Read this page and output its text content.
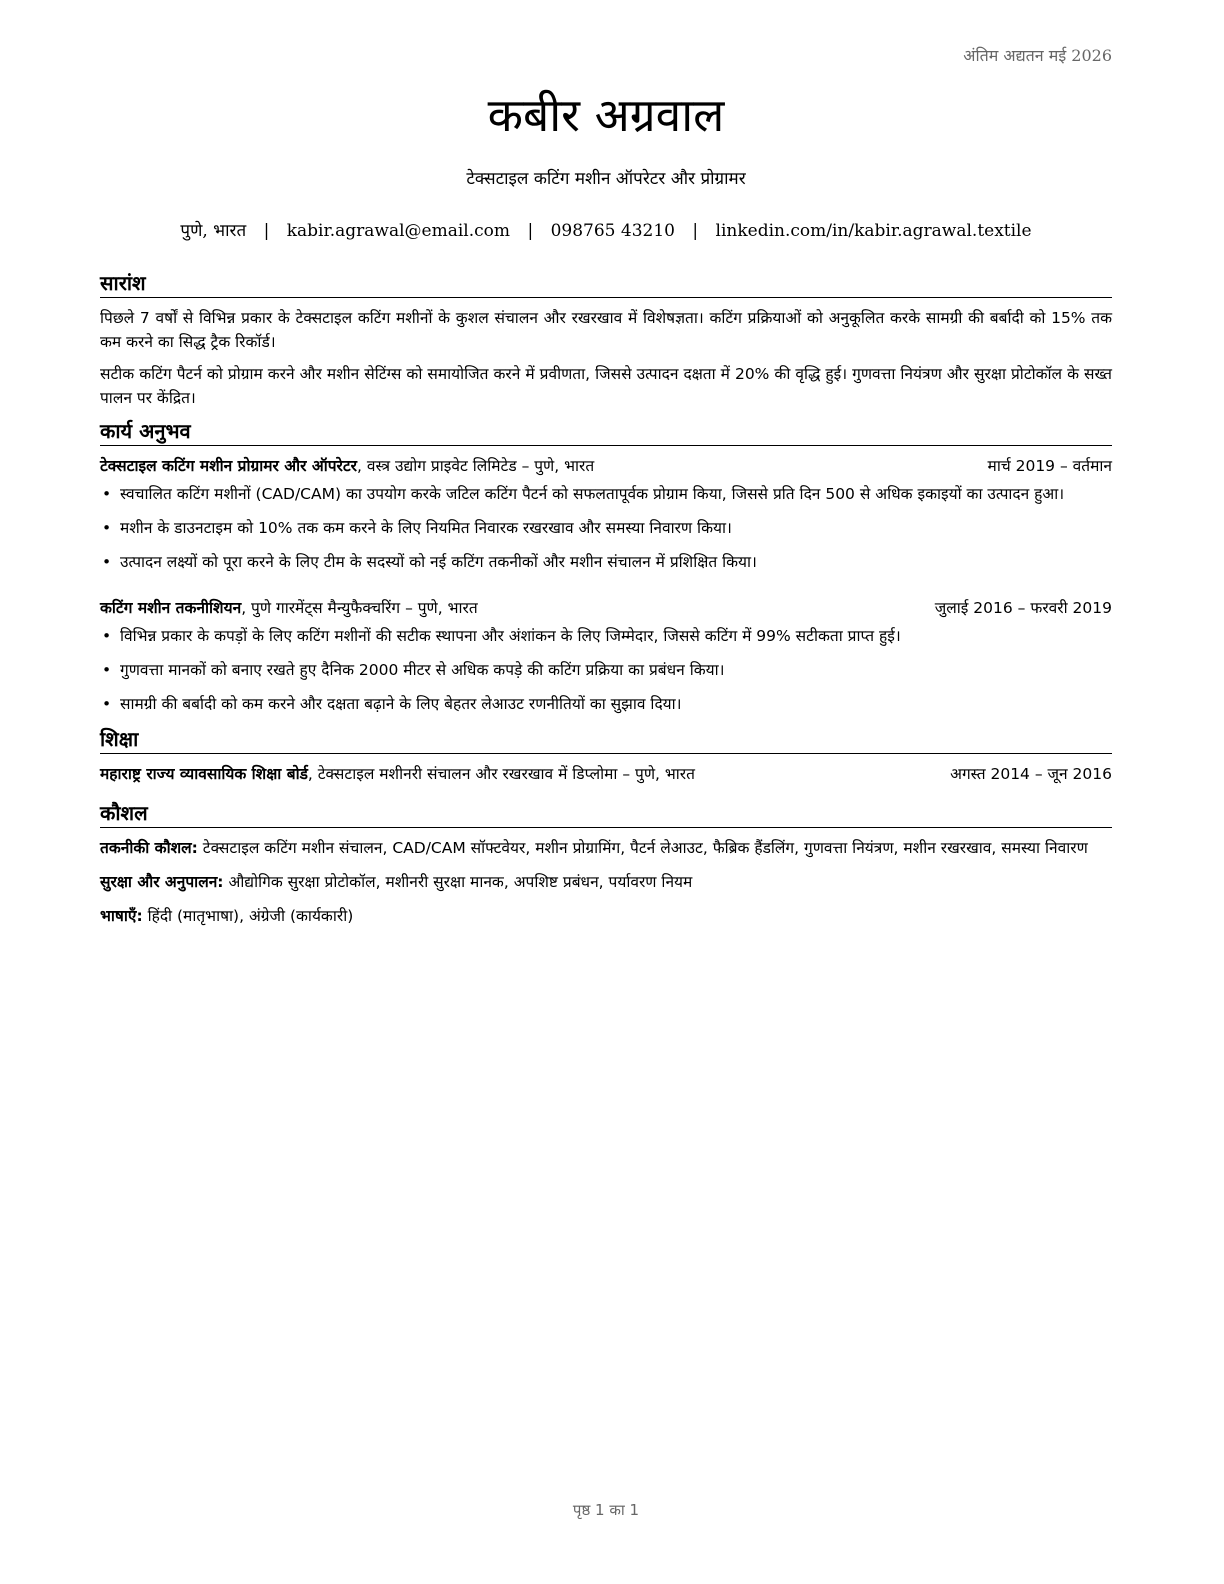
अंतिम अद्यतन मई 2026
कबीर अग्रवाल
टेक्सटाइल कटिंग मशीन ऑपरेटर और प्रोग्रामर
पुणे, भारत | kabir.agrawal@email.com | 098765 43210 | linkedin.com/in/kabir.agrawal.textile
सारांश

पिछले 7 वर्षों से विभिन्न प्रकार के टेक्सटाइल कटिंग मशीनों के कुशल संचालन और रखरखाव में विशेषज्ञता। कटिंग प्रक्रियाओं को अनुकूलित करके सामग्री की बर्बादी को 15% तक कम करने का सिद्ध ट्रैक रिकॉर्ड।

सटीक कटिंग पैटर्न को प्रोग्राम करने और मशीन सेटिंग्स को समायोजित करने में प्रवीणता, जिससे उत्पादन दक्षता में 20% की वृद्धि हुई। गुणवत्ता नियंत्रण और सुरक्षा प्रोटोकॉल के सख्त पालन पर केंद्रित।

कार्य अनुभव
टेक्सटाइल कटिंग मशीन प्रोग्रामर और ऑपरेटर, वस्त्र उद्योग प्राइवेट लिमिटेड – पुणे, भारत	मार्च 2019 – वर्तमान
• स्वचालित कटिंग मशीनों (CAD/CAM) का उपयोग करके जटिल कटिंग पैटर्न को सफलतापूर्वक प्रोग्राम किया, जिससे प्रति दिन 500 से अधिक इकाइयों का उत्पादन हुआ।
• मशीन के डाउनटाइम को 10% तक कम करने के लिए नियमित निवारक रखरखाव और समस्या निवारण किया।
• उत्पादन लक्ष्यों को पूरा करने के लिए टीम के सदस्यों को नई कटिंग तकनीकों और मशीन संचालन में प्रशिक्षित किया।
कटिंग मशीन तकनीशियन, पुणे गारमेंट्स मैन्युफैक्चरिंग – पुणे, भारत	जुलाई 2016 – फरवरी 2019
• विभिन्न प्रकार के कपड़ों के लिए कटिंग मशीनों की सटीक स्थापना और अंशांकन के लिए जिम्मेदार, जिससे कटिंग में 99% सटीकता प्राप्त हुई।
• गुणवत्ता मानकों को बनाए रखते हुए दैनिक 2000 मीटर से अधिक कपड़े की कटिंग प्रक्रिया का प्रबंधन किया।
• सामग्री की बर्बादी को कम करने और दक्षता बढ़ाने के लिए बेहतर लेआउट रणनीतियों का सुझाव दिया।
शिक्षा
महाराष्ट्र राज्य व्यावसायिक शिक्षा बोर्ड, टेक्सटाइल मशीनरी संचालन और रखरखाव में डिप्लोमा – पुणे, भारत	अगस्त 2014 – जून 2016
कौशल

तकनीकी कौशल: टेक्सटाइल कटिंग मशीन संचालन, CAD/CAM सॉफ्टवेयर, मशीन प्रोग्रामिंग, पैटर्न लेआउट, फैब्रिक हैंडलिंग, गुणवत्ता नियंत्रण, मशीन रखरखाव, समस्या निवारण

सुरक्षा और अनुपालन: औद्योगिक सुरक्षा प्रोटोकॉल, मशीनरी सुरक्षा मानक, अपशिष्ट प्रबंधन, पर्यावरण नियम

भाषाएँ: हिंदी (मातृभाषा), अंग्रेजी (कार्यकारी)

पृष्ठ 1 का 1
